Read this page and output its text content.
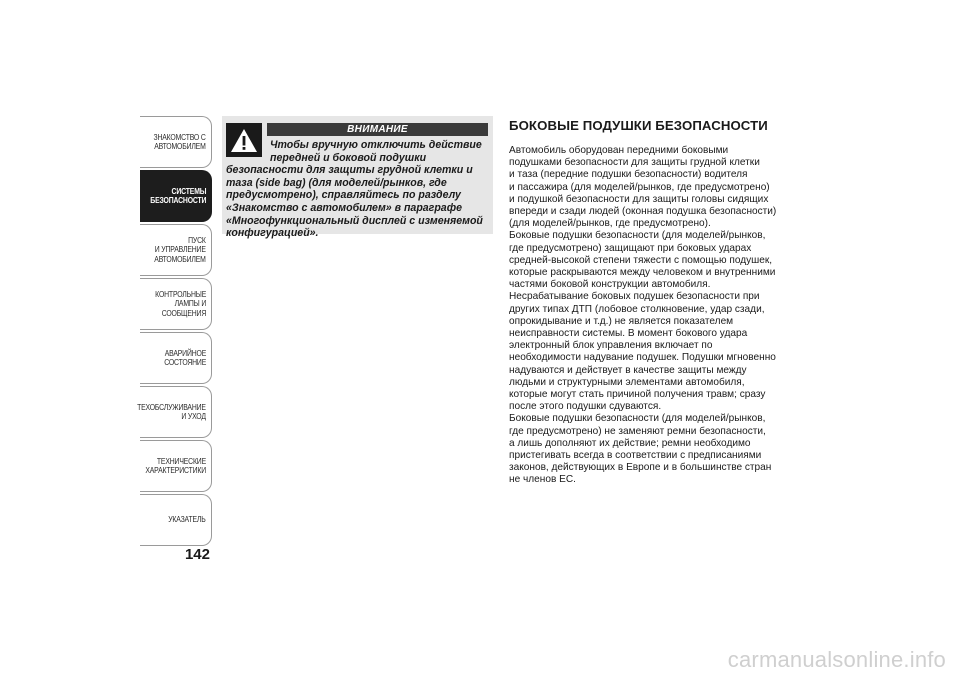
ЗНАКОМСТВО С
АВТОМОБИЛЕМ
СИСТЕМЫ
БЕЗОПАСНОСТИ
ПУСК
И УПРАВЛЕНИЕ
АВТОМОБИЛЕМ
КОНТРОЛЬНЫЕ
ЛАМПЫ И
СООБЩЕНИЯ
АВАРИЙНОЕ
СОСТОЯНИЕ
ТЕХОБСЛУЖИВАНИЕ
И УХОД
ТЕХНИЧЕСКИЕ
ХАРАКТЕРИСТИКИ
УКАЗАТЕЛЬ
142
ВНИМАНИЕ
Чтобы вручную отключить действие
передней и боковой подушки
безопасности для защиты грудной клетки и
таза (side bag) (для моделей/рынков, где
предусмотрено), справляйтесь по разделу
«Знакомство с автомобилем» в параграфе
«Многофункциональный дисплей с изменяемой
конфигурацией».
БОКОВЫЕ ПОДУШКИ БЕЗОПАСНОСТИ
Автомобиль оборудован передними боковыми
подушками безопасности для защиты грудной клетки
и таза (передние подушки безопасности) водителя
и пассажира (для моделей/рынков, где предусмотрено)
и подушкой безопасности для защиты головы сидящих
впереди и сзади людей (оконная подушка безопасности)
(для моделей/рынков, где предусмотрено).
Боковые подушки безопасности (для моделей/рынков,
где предусмотрено) защищают при боковых ударах
средней-высокой степени тяжести с помощью подушек,
которые раскрываются между человеком и внутренними
частями боковой конструкции автомобиля.
Несрабатывание боковых подушек безопасности при
других типах ДТП (лобовое столкновение, удар сзади,
опрокидывание и т.д.) не является показателем
неисправности системы. В момент бокового удара
электронный блок управления включает по
необходимости надувание подушек. Подушки мгновенно
надуваются и действует в качестве защиты между
людьми и структурными элементами автомобиля,
которые могут стать причиной получения травм; сразу
после этого подушки сдуваются.
Боковые подушки безопасности (для моделей/рынков,
где предусмотрено) не заменяют ремни безопасности,
а лишь дополняют их действие; ремни необходимо
пристегивать всегда в соответствии с предписаниями
законов, действующих в Европе и в большинстве стран
не членов ЕС.
carmanualsonline.info
